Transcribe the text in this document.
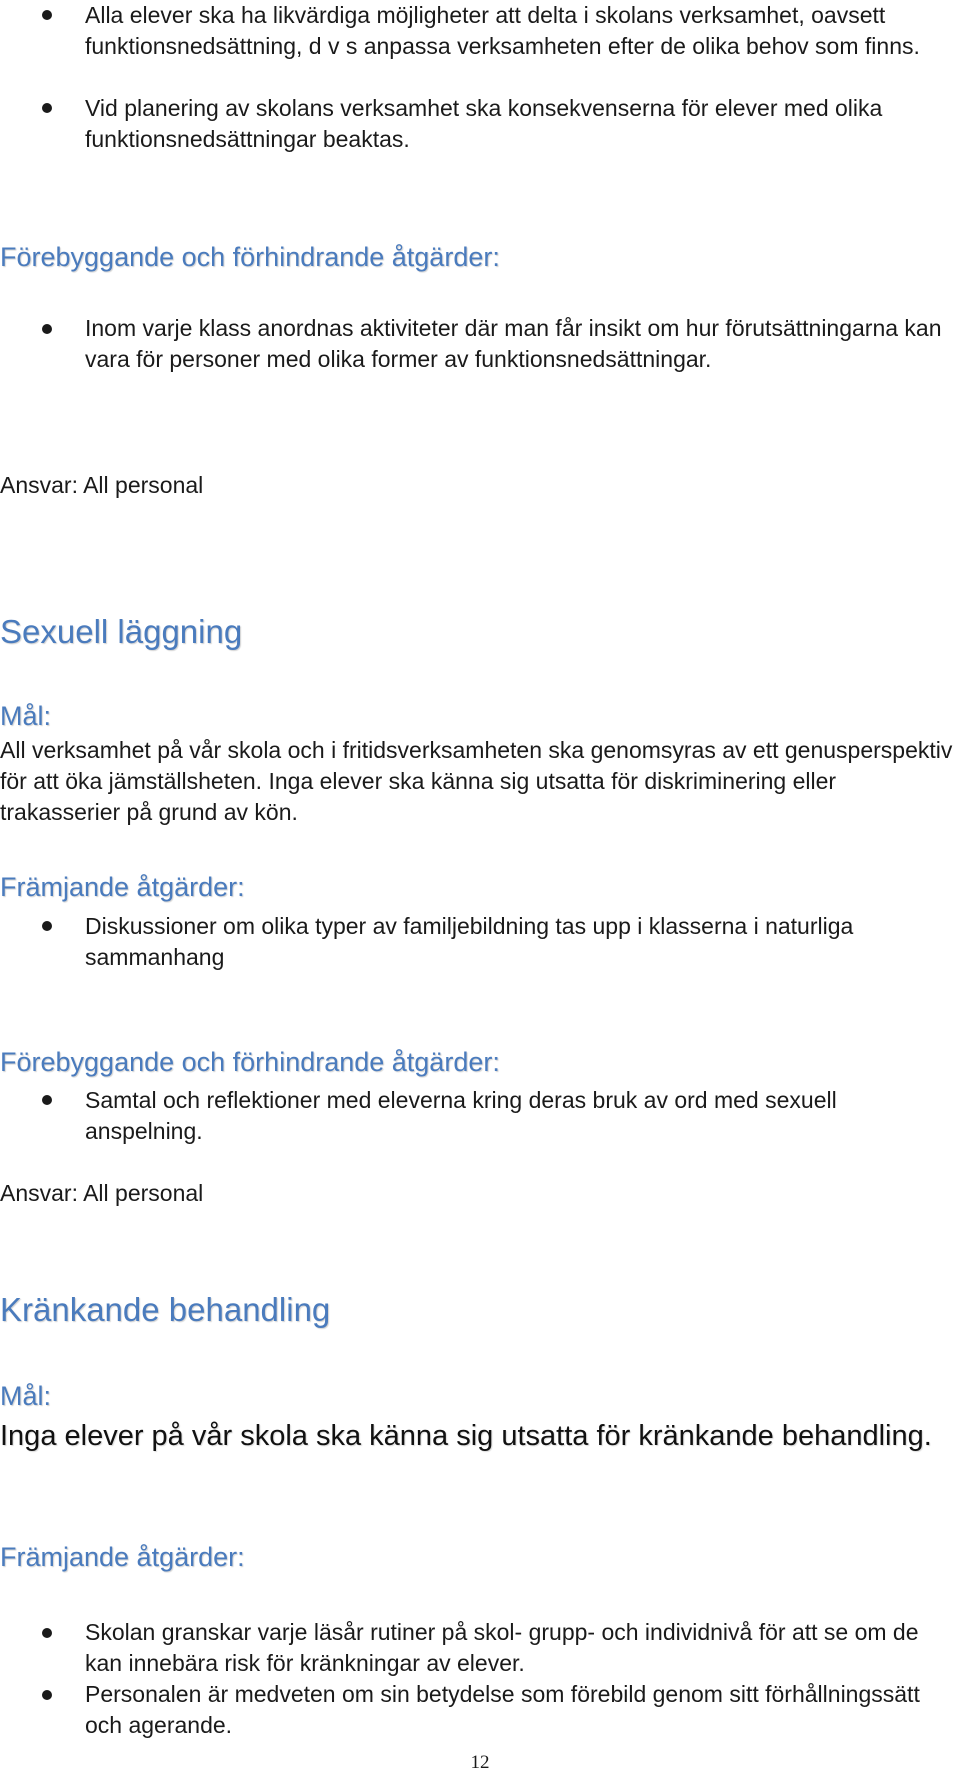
Alla elever ska ha likvärdiga möjligheter att delta i skolans verksamhet, oavsett funktionsnedsättning, d v s anpassa verksamheten efter de olika behov som finns.
Vid planering av skolans verksamhet ska konsekvenserna för elever med olika funktionsnedsättningar beaktas.
Förebyggande och förhindrande åtgärder:
Inom varje klass anordnas aktiviteter där man får insikt om hur förutsättningarna kan vara för personer med olika former av funktionsnedsättningar.
Ansvar: All personal
Sexuell läggning
Mål:
All verksamhet på vår skola och i fritidsverksamheten ska genomsyras av ett genusperspektiv för att öka jämställsheten. Inga elever ska känna sig utsatta för diskriminering eller trakasserier på grund av kön.
Främjande åtgärder:
Diskussioner om olika typer av familjebildning tas upp i klasserna i naturliga sammanhang
Förebyggande och förhindrande åtgärder:
Samtal och reflektioner med eleverna kring deras bruk av ord med sexuell anspelning.
Ansvar: All personal
Kränkande behandling
Mål:
Inga elever på vår skola ska känna sig utsatta för kränkande behandling.
Främjande åtgärder:
Skolan granskar varje läsår rutiner på skol- grupp- och individnivå för att se om de kan innebära risk för kränkningar av elever.
Personalen är medveten om sin betydelse som förebild genom sitt förhållningssätt och agerande.
12
